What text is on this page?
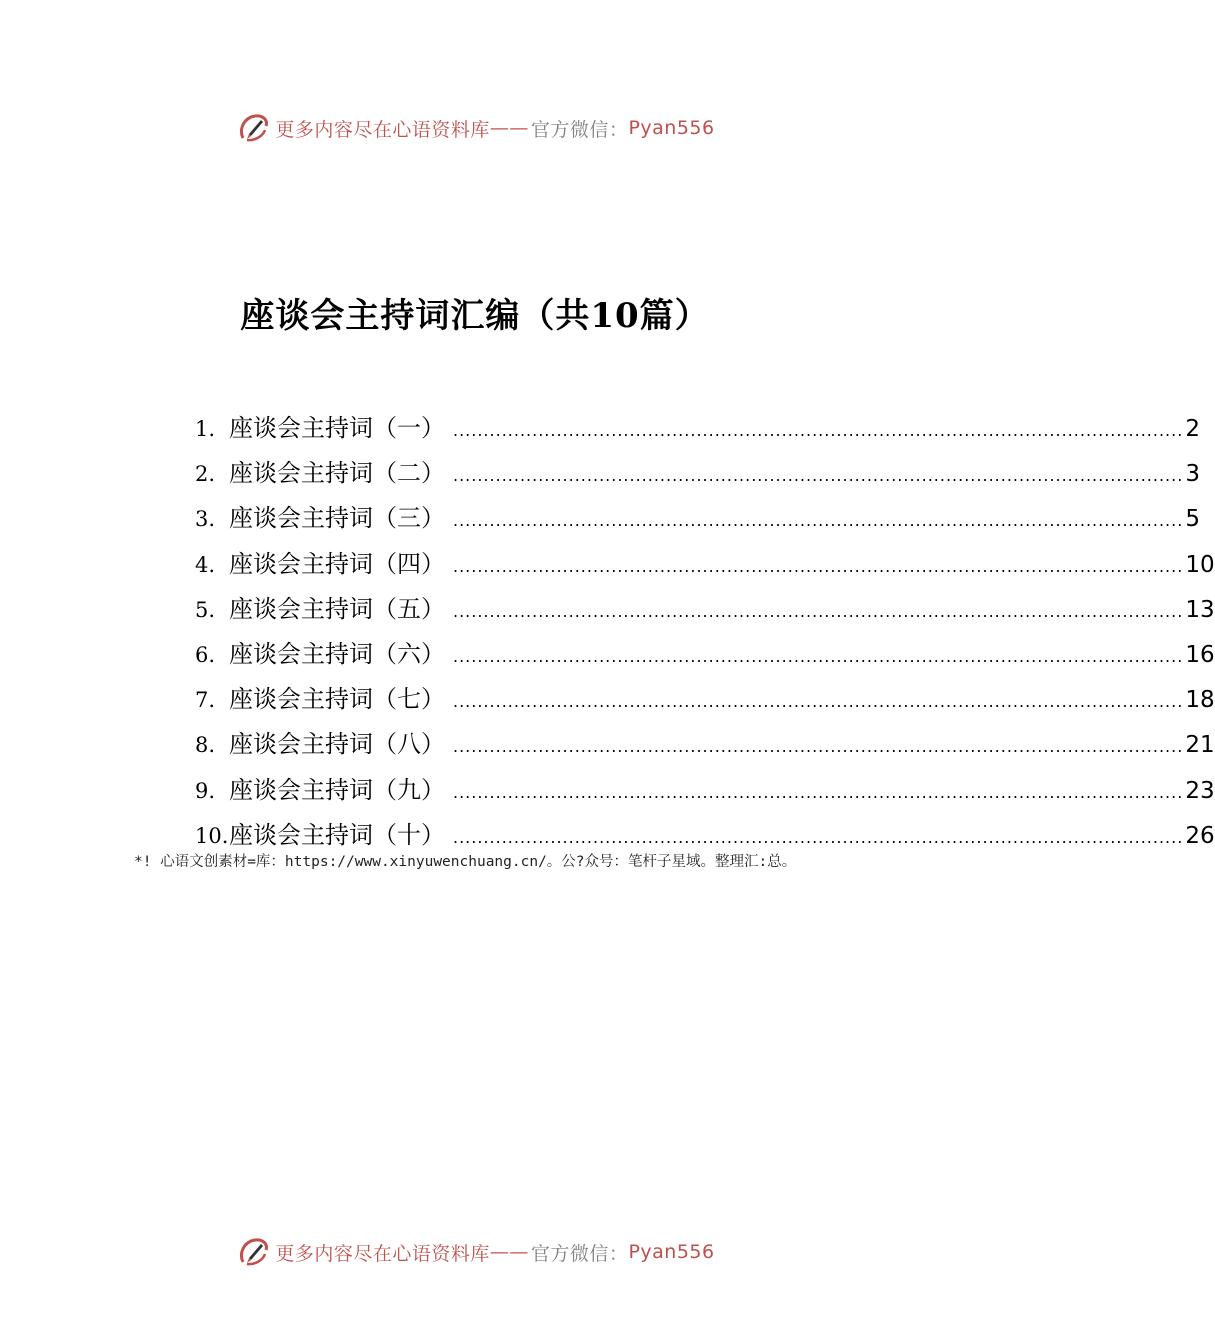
更多内容尽在心语资料库 —— 官方微信： Pyan556
座谈会主持词汇编（共10篇）
1. 座谈会主持词（一） ........................................................................................................................ 2
2. 座谈会主持词（二） ........................................................................................................................ 3
3. 座谈会主持词（三） ........................................................................................................................ 5
4. 座谈会主持词（四） ........................................................................................................................ 10
5. 座谈会主持词（五） ........................................................................................................................ 13
6. 座谈会主持词（六） ........................................................................................................................ 16
7. 座谈会主持词（七） ........................................................................................................................ 18
8. 座谈会主持词（八） ........................................................................................................................ 21
9. 座谈会主持词（九） ........................................................................................................................ 23
10. 座谈会主持词（十） ........................................................................................................................ 26
*! 心语文创素材=库：https://www.xinyuwenchuang.cn/。公?众号：笔杆子星域。整理汇:总。
更多内容尽在心语资料库 —— 官方微信： Pyan556
